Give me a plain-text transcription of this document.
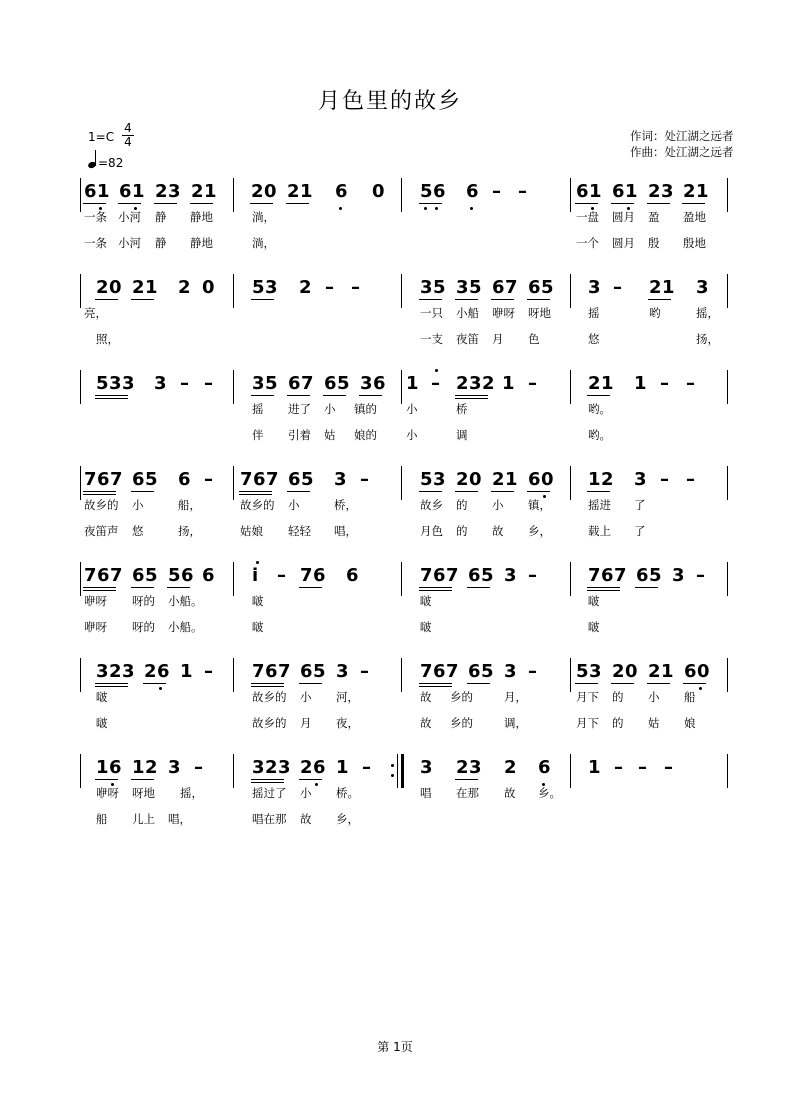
月色里的故乡
1=C
4
4
=82
作词：处江湖之远者
作曲：处江湖之远者
61 61 23 21 20 21 6 0 56 6 – –	61 61 23 21
一条 小河 静 静地	淌，	一盘 圆月 盈 盈地
一条 小河 静 静地	淌，	一个 圆月 殷 殷地
20 21 2 0 53 2 – –	35 35 67 65 3 – 21 3
亮，	一只 小船 咿呀 呀地	摇	哟	摇，
照，	一支 夜笛 月 色	悠	扬，
533 3 – – 35 67 65 36 1 – 232 1 –	21 1 – –
摇 进了 小 镇的	小	桥	哟。
伴 引着 姑 娘的	小	调	哟。
767 65 6 – 767 65 3 –	53 20 21 60 12 3 – –
故乡的 小	船，	故乡的 小	桥，	故乡 的 小 镇，	摇进 了
夜笛声 悠	扬，	姑娘 轻轻 唱，	月色 的 故 乡，	载上 了
767 65 56 6 i – 76 6	767 65 3 –	767 65 3 –
咿呀 呀的 小船。	啵	啵	啵
咿呀 呀的 小船。	啵	啵	啵
323 26 1 – 767 65 3 –	767 65 3 – 53 20 21 60
啵	故乡的 小 河，	故 乡的	月，	月下 的 小 船
啵	故乡的 月 夜，	故 乡的	调，	月下 的 姑 娘
16 12 3 –	323 26 1 –	3 23 2 6 1 – – –
咿呀 呀地 摇，	摇过了 小 桥。	唱 在那 故 乡。
船 儿上 唱，	唱在那 故 乡，
第 1页
